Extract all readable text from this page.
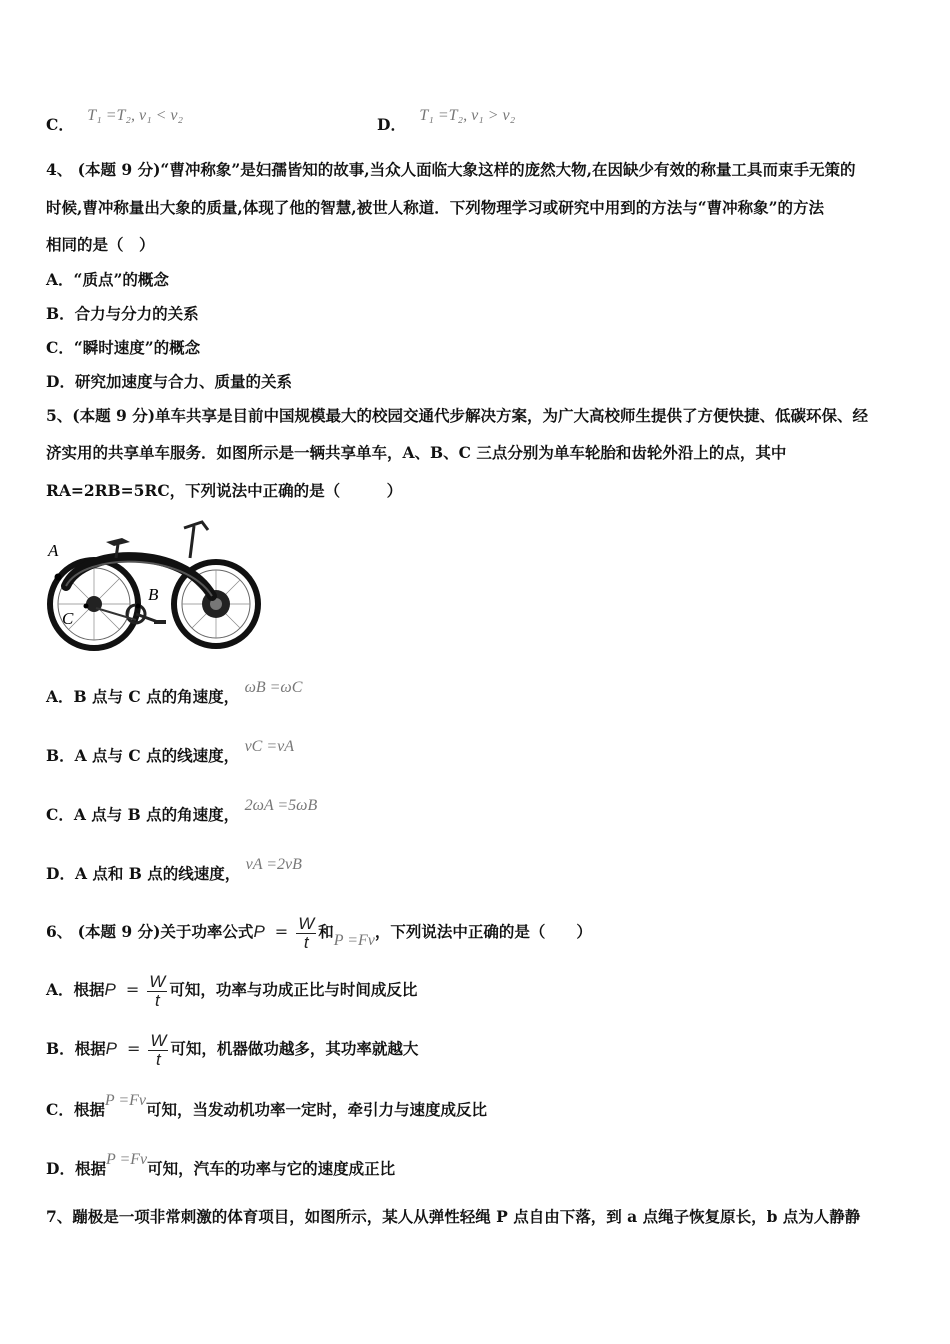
C． T₁ =T₂, v₁ < v₂	D． T₁ =T₂, v₁ > v₂
4、 (本题 9 分)“曹冲称象”是妇孺皆知的故事,当众人面临大象这样的庞然大物,在因缺少有效的称量工具而束手无策的
时候,曹冲称量出大象的质量,体现了他的智慧,被世人称道．下列物理学习或研究中用到的方法与“曹冲称象”的方法
相同的是（　）
A．“质点”的概念
B．合力与分力的关系
C．“瞬时速度”的概念
D．研究加速度与合力、质量的关系
5、(本题 9 分)单车共享是目前中国规模最大的校园交通代步解决方案，为广大高校师生提供了方便快捷、低碳环保、经
济实用的共享单车服务．如图所示是一辆共享单车，A、B、C 三点分别为单车轮胎和齿轮外沿上的点，其中
RA=2RB=5RC，下列说法中正确的是（　　　）
A
B
C
A．B 点与 C 点的角速度， ωB =ωC
B．A 点与 C 点的线速度， vC =vA
C．A 点与 B 点的角速度， 2ωA =5ωB
D．A 点和 B 点的线速度， vA =2vB
6、 (本题 9 分)关于功率公式$P = \frac{W}{t}$ 和P =Fv，下列说法中正确的是（　　）
A．根据$P = \frac{W}{t}$ 可知，功率与功成正比与时间成反比
B．根据$P = \frac{W}{t}$ 可知，机器做功越多，其功率就越大
C．根据P =Fv可知，当发动机功率一定时，牵引力与速度成反比
D．根据P =Fv可知，汽车的功率与它的速度成正比
7、蹦极是一项非常刺激的体育项目，如图所示，某人从弹性轻绳 P 点自由下落，到 a 点绳子恢复原长，b 点为人静静
